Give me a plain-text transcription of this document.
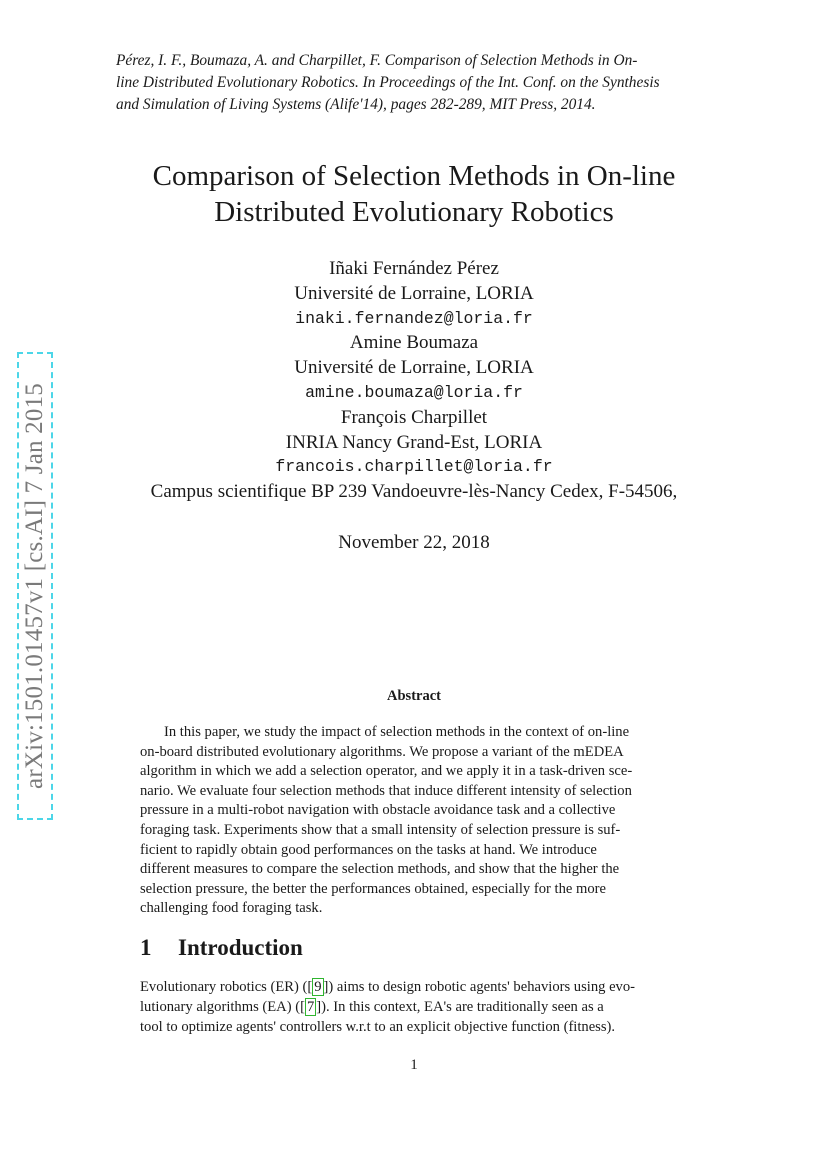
arXiv:1501.01457v1 [cs.AI] 7 Jan 2015
Pérez, I. F., Boumaza, A. and Charpillet, F. Comparison of Selection Methods in On-
line Distributed Evolutionary Robotics. In Proceedings of the Int. Conf. on the Synthesis
and Simulation of Living Systems (Alife'14), pages 282-289, MIT Press, 2014.
Comparison of Selection Methods in On-line
Distributed Evolutionary Robotics
Iñaki Fernández Pérez
Université de Lorraine, LORIA
inaki.fernandez@loria.fr
Amine Boumaza
Université de Lorraine, LORIA
amine.boumaza@loria.fr
François Charpillet
INRIA Nancy Grand-Est, LORIA
francois.charpillet@loria.fr
Campus scientifique BP 239 Vandoeuvre-lès-Nancy Cedex, F-54506,
November 22, 2018
Abstract
In this paper, we study the impact of selection methods in the context of on-line
on-board distributed evolutionary algorithms. We propose a variant of the mEDEA
algorithm in which we add a selection operator, and we apply it in a task-driven sce-
nario. We evaluate four selection methods that induce different intensity of selection
pressure in a multi-robot navigation with obstacle avoidance task and a collective
foraging task. Experiments show that a small intensity of selection pressure is suf-
ficient to rapidly obtain good performances on the tasks at hand. We introduce
different measures to compare the selection methods, and show that the higher the
selection pressure, the better the performances obtained, especially for the more
challenging food foraging task.
1 Introduction
Evolutionary robotics (ER) ([ 9 ]) aims to design robotic agents' behaviors using evo-
lutionary algorithms (EA) ([ 7 ]). In this context, EA's are traditionally seen as a
tool to optimize agents' controllers w.r.t to an explicit objective function (fitness).
1
